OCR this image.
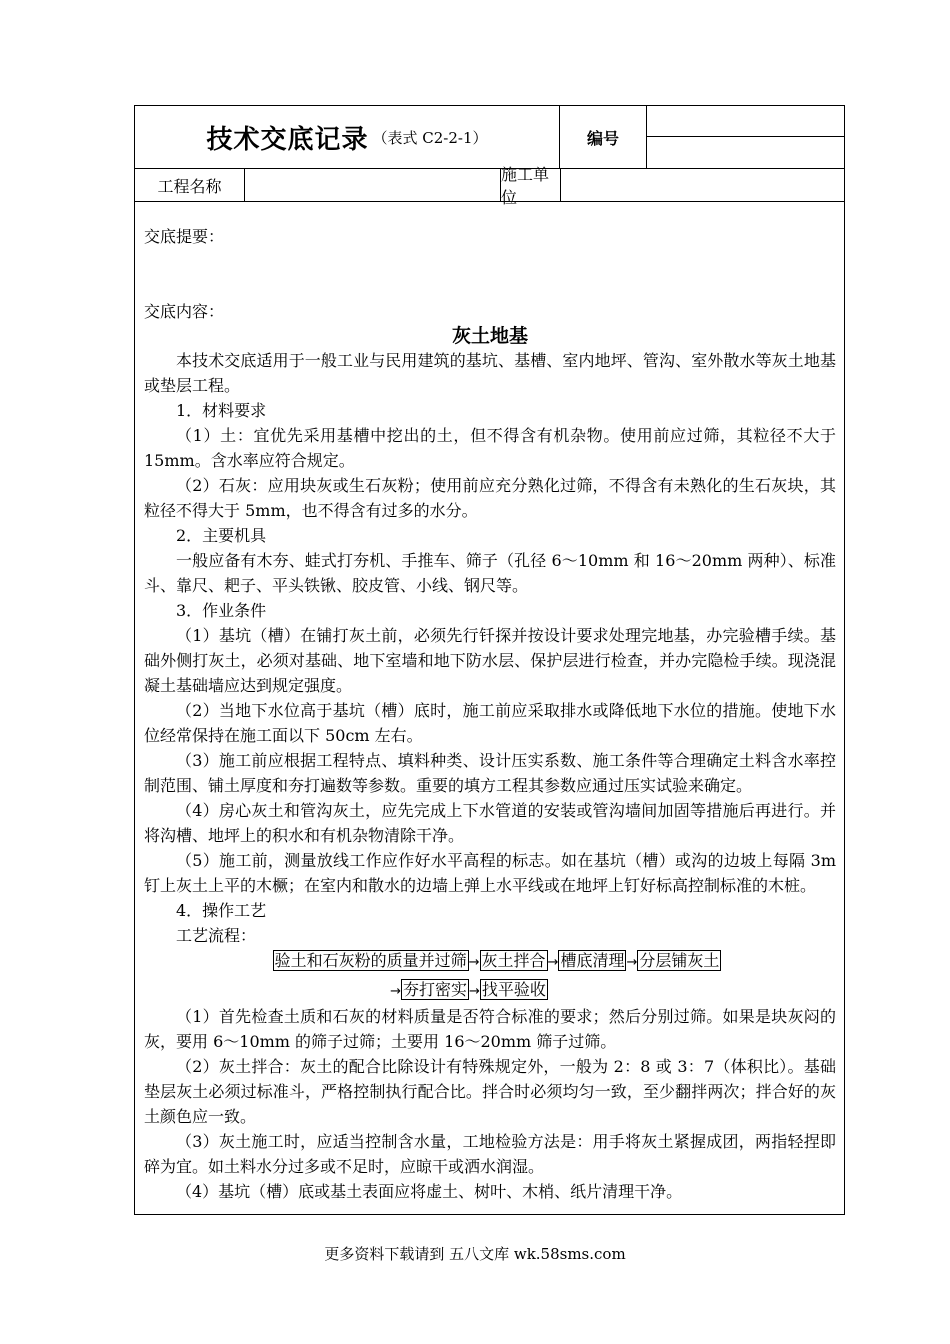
技术交底记录 （表式 C2-2-1）	编号
工程名称
施工单位
交底提要：
交底内容：
灰土地基

本技术交底适用于一般工业与民用建筑的基坑、基槽、室内地坪、管沟、室外散水等灰土地基或垫层工程。

1．材料要求

（1）土：宜优先采用基槽中挖出的土，但不得含有机杂物。使用前应过筛，其粒径不大于 15mm。含水率应符合规定。

（2）石灰：应用块灰或生石灰粉；使用前应充分熟化过筛，不得含有未熟化的生石灰块，其粒径不得大于 5mm，也不得含有过多的水分。

2．主要机具

一般应备有木夯、蛙式打夯机、手推车、筛子（孔径 6～10mm 和 16～20mm 两种）、标准斗、靠尺、耙子、平头铁锹、胶皮管、小线、钢尺等。

3．作业条件

（1）基坑（槽）在铺打灰土前，必须先行钎探并按设计要求处理完地基，办完验槽手续。基础外侧打灰土，必须对基础、地下室墙和地下防水层、保护层进行检查，并办完隐检手续。现浇混凝土基础墙应达到规定强度。

（2）当地下水位高于基坑（槽）底时，施工前应采取排水或降低地下水位的措施。使地下水位经常保持在施工面以下 50cm 左右。

（3）施工前应根据工程特点、填料种类、设计压实系数、施工条件等合理确定土料含水率控制范围、铺土厚度和夯打遍数等参数。重要的填方工程其参数应通过压实试验来确定。

（4）房心灰土和管沟灰土，应先完成上下水管道的安装或管沟墙间加固等措施后再进行。并将沟槽、地坪上的积水和有机杂物清除干净。

（5）施工前，测量放线工作应作好水平高程的标志。如在基坑（槽）或沟的边坡上每隔 3m 钉上灰土上平的木橛；在室内和散水的边墙上弹上水平线或在地坪上钉好标高控制标准的木桩。

4．操作工艺

工艺流程：

验土和石灰粉的质量并过筛 → 灰土拌合 → 槽底清理 → 分层铺灰土
→ 夯打密实 → 找平验收

（1）首先检查土质和石灰的材料质量是否符合标准的要求；然后分别过筛。如果是块灰闷的灰，要用 6～10mm 的筛子过筛；土要用 16～20mm 筛子过筛。

（2）灰土拌合：灰土的配合比除设计有特殊规定外，一般为 2：8 或 3：7（体积比）。基础垫层灰土必须过标准斗，严格控制执行配合比。拌合时必须均匀一致，至少翻拌两次；拌合好的灰土颜色应一致。

（3）灰土施工时，应适当控制含水量，工地检验方法是：用手将灰土紧握成团，两指轻捏即碎为宜。如土料水分过多或不足时，应晾干或洒水润湿。

（4）基坑（槽）底或基土表面应将虚土、树叶、木梢、纸片清理干净。

更多资料下载请到 五八文库 wk.58sms.com
